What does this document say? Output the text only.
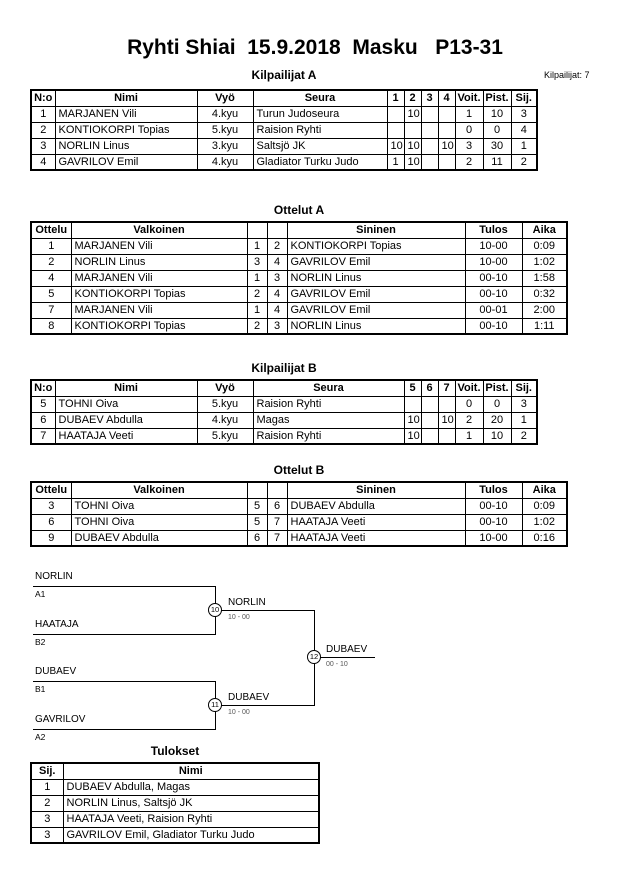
Ryhti Shiai  15.9.2018  Masku   P13-31
Kilpailijat: 7
Kilpailijat A
N:o	Nimi	Vyö	Seura	1	2	3	4	Voit.	Pist.	Sij.
1	MARJANEN Vili	4.kyu	Turun Judoseura		10			1	10	3
2	KONTIOKORPI Topias	5.kyu	Raision Ryhti					0	0	4
3	NORLIN Linus	3.kyu	Saltsjö JK	10	10		10	3	30	1
4	GAVRILOV Emil	4.kyu	Gladiator Turku Judo	1	10			2	11	2
Ottelut A
Ottelu	Valkoinen			Sininen	Tulos	Aika
1	MARJANEN Vili	1	2	KONTIOKORPI Topias	10-00	0:09
2	NORLIN Linus	3	4	GAVRILOV Emil	10-00	1:02
4	MARJANEN Vili	1	3	NORLIN Linus	00-10	1:58
5	KONTIOKORPI Topias	2	4	GAVRILOV Emil	00-10	0:32
7	MARJANEN Vili	1	4	GAVRILOV Emil	00-01	2:00
8	KONTIOKORPI Topias	2	3	NORLIN Linus	00-10	1:11
Kilpailijat B
N:o	Nimi	Vyö	Seura	5	6	7	Voit.	Pist.	Sij.
5	TOHNI Oiva	5.kyu	Raision Ryhti				0	0	3
6	DUBAEV Abdulla	4.kyu	Magas	10		10	2	20	1
7	HAATAJA Veeti	5.kyu	Raision Ryhti	10			1	10	2
Ottelut B
Ottelu	Valkoinen			Sininen	Tulos	Aika
3	TOHNI Oiva	5	6	DUBAEV Abdulla	00-10	0:09
6	TOHNI Oiva	5	7	HAATAJA Veeti	00-10	1:02
9	DUBAEV Abdulla	6	7	HAATAJA Veeti	10-00	0:16
NORLIN
A1
HAATAJA
B2
10
NORLIN
10 - 00
DUBAEV
B1
GAVRILOV
A2
11
DUBAEV
10 - 00
12
DUBAEV
00 - 10
Tulokset
Sij.	Nimi
1	DUBAEV Abdulla, Magas
2	NORLIN Linus, Saltsjö JK
3	HAATAJA Veeti, Raision Ryhti
3	GAVRILOV Emil, Gladiator Turku Judo
